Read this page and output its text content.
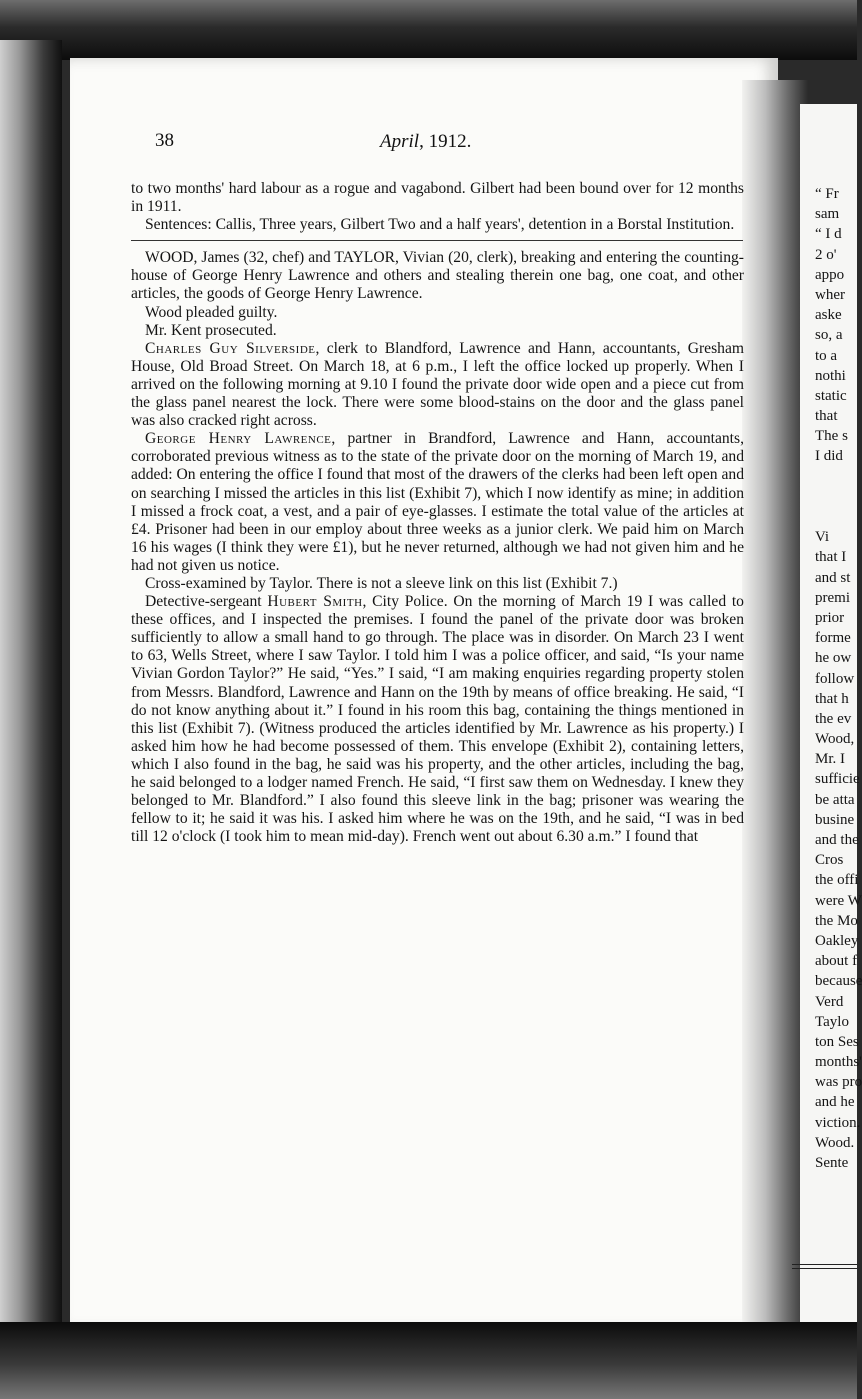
38	April, 1912.

to two months' hard labour as a rogue and vagabond. Gilbert had been bound over for 12 months in 1911.

Sentences: Callis, Three years, Gilbert Two and a half years', detention in a Borstal Institution.

WOOD, James (32, chef) and TAYLOR, Vivian (20, clerk), breaking and entering the counting-house of George Henry Lawrence and others and stealing therein one bag, one coat, and other articles, the goods of George Henry Lawrence.

Wood pleaded guilty.

Mr. Kent prosecuted.

Charles Guy Silverside, clerk to Blandford, Lawrence and Hann, accountants, Gresham House, Old Broad Street. On March 18, at 6 p.m., I left the office locked up properly. When I arrived on the following morning at 9.10 I found the private door wide open and a piece cut from the glass panel nearest the lock. There were some blood-stains on the door and the glass panel was also cracked right across.

George Henry Lawrence, partner in Brandford, Lawrence and Hann, accountants, corroborated previous witness as to the state of the private door on the morning of March 19, and added: On entering the office I found that most of the drawers of the clerks had been left open and on searching I missed the articles in this list (Exhibit 7), which I now identify as mine; in addition I missed a frock coat, a vest, and a pair of eye-glasses. I estimate the total value of the articles at £4. Prisoner had been in our employ about three weeks as a junior clerk. We paid him on March 16 his wages (I think they were £1), but he never returned, although we had not given him and he had not given us notice.

Cross-examined by Taylor. There is not a sleeve link on this list (Exhibit 7.)

Detective-sergeant Hubert Smith, City Police. On the morning of March 19 I was called to these offices, and I inspected the premises. I found the panel of the private door was broken sufficiently to allow a small hand to go through. The place was in disorder. On March 23 I went to 63, Wells Street, where I saw Taylor. I told him I was a police officer, and said, “Is your name Vivian Gordon Taylor?” He said, “Yes.” I said, “I am making enquiries regarding property stolen from Messrs. Blandford, Lawrence and Hann on the 19th by means of office breaking. He said, “I do not know anything about it.” I found in his room this bag, containing the things mentioned in this list (Exhibit 7). (Witness produced the articles identified by Mr. Lawrence as his property.) I asked him how he had become possessed of them. This envelope (Exhibit 2), containing letters, which I also found in the bag, he said was his property, and the other articles, including the bag, he said belonged to a lodger named French. He said, “I first saw them on Wednesday. I knew they belonged to Mr. Blandford.” I also found this sleeve link in the bag; prisoner was wearing the fellow to it; he said it was his. I asked him where he was on the 19th, and he said, “I was in bed till 12 o'clock (I took him to mean mid-day). French went out about 6.30 a.m.” I found that

“ Fr
sam
“ I d
2 o'
appo
wher
aske
so, a
to a
nothi
static
that
The s
I did
Vi
that I
and st
premi
prior
forme
he ow
follow
that h
the ev
Wood,
Mr. I
sufficie
be atta
busine
and the
Cros
the offi
were W
the Mo
Oakley
about f
because
Verd
Taylo
ton Ses
months'
was pro
and he
viction.
Wood.
Sente
